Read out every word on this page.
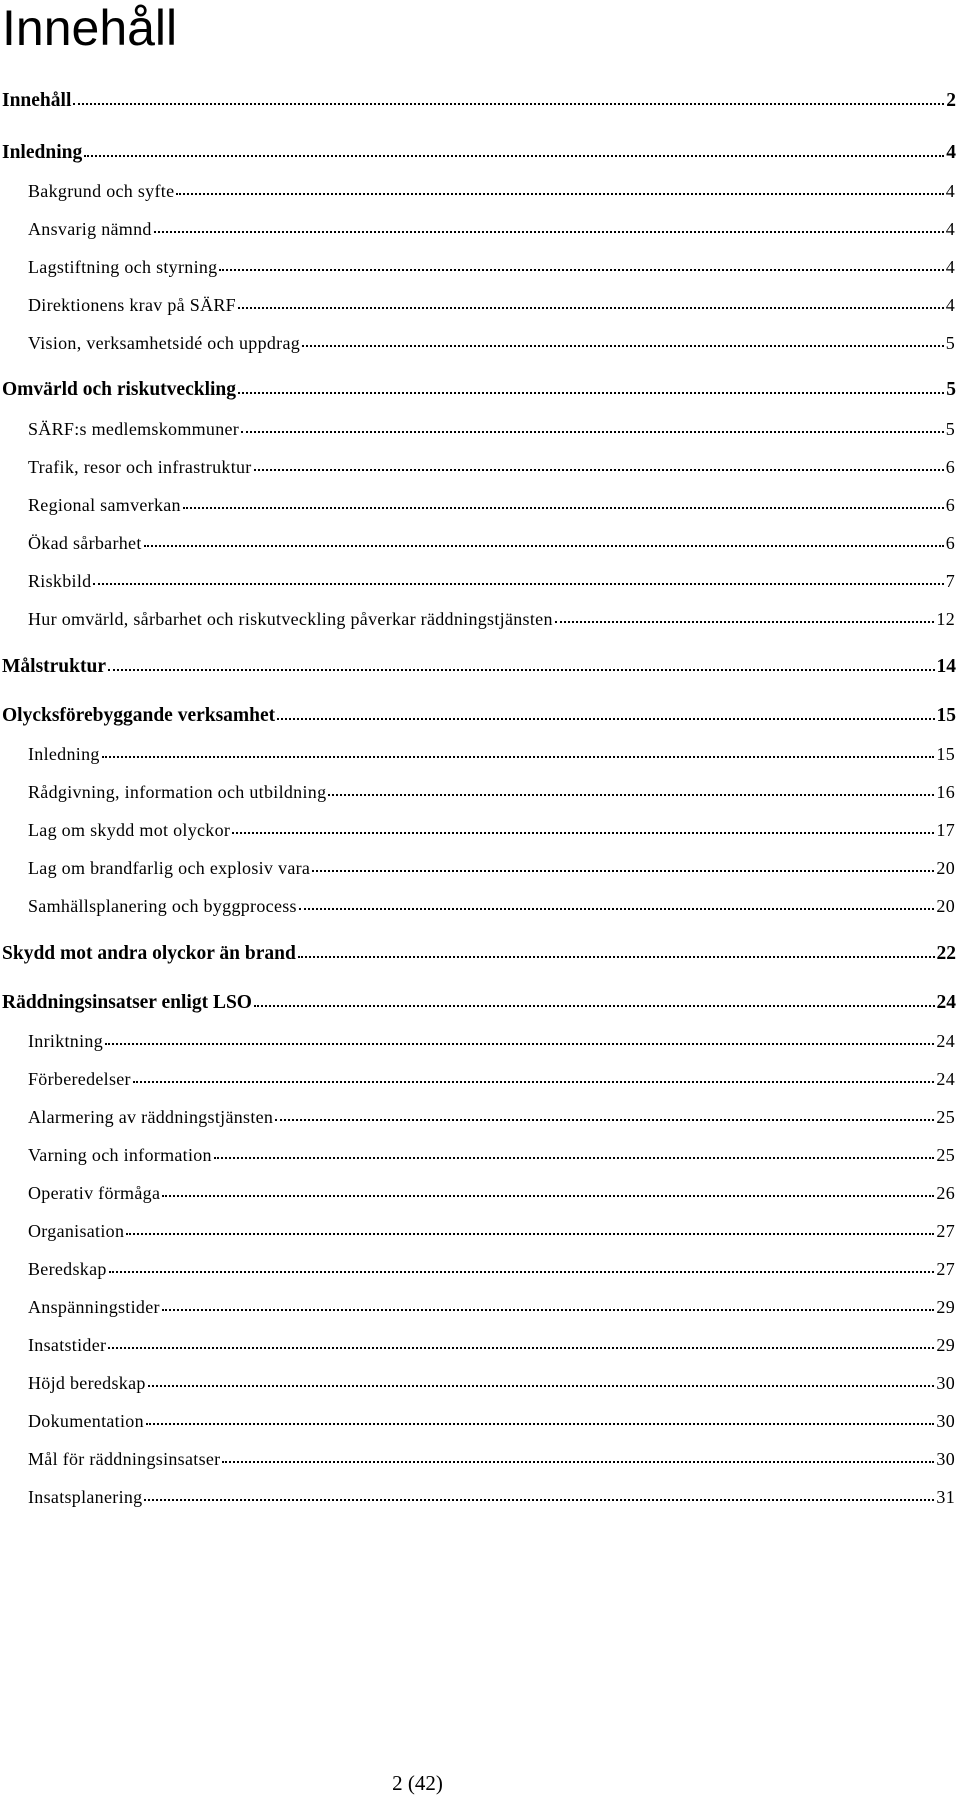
Innehåll
Innehåll	2
Inledning	4
Bakgrund och syfte	4
Ansvarig nämnd	4
Lagstiftning och styrning	4
Direktionens krav på SÄRF	4
Vision, verksamhetsidé och uppdrag	5
Omvärld och riskutveckling	5
SÄRF:s medlemskommuner	5
Trafik, resor och infrastruktur	6
Regional samverkan	6
Ökad sårbarhet	6
Riskbild	7
Hur omvärld, sårbarhet och riskutveckling påverkar räddningstjänsten	12
Målstruktur	14
Olycksförebyggande verksamhet	15
Inledning	15
Rådgivning, information och utbildning	16
Lag om skydd mot olyckor	17
Lag om brandfarlig och explosiv vara	20
Samhällsplanering och byggprocess	20
Skydd mot andra olyckor än brand	22
Räddningsinsatser enligt LSO	24
Inriktning	24
Förberedelser	24
Alarmering av räddningstjänsten	25
Varning och information	25
Operativ förmåga	26
Organisation	27
Beredskap	27
Anspänningstider	29
Insatstider	29
Höjd beredskap	30
Dokumentation	30
Mål för räddningsinsatser	30
Insatsplanering	31

2 (42)
